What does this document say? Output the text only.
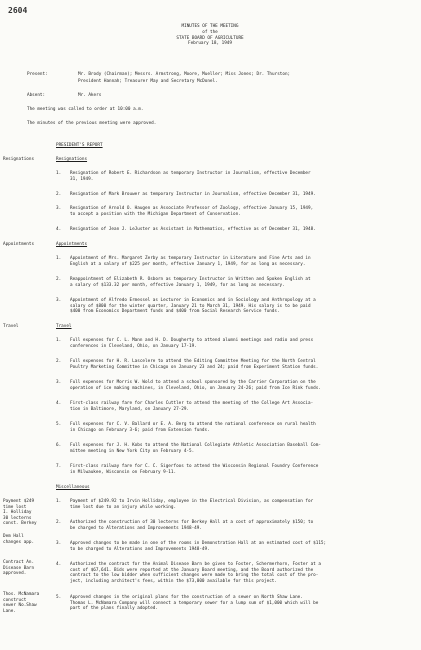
2604
MINUTES OF THE MEETING
of the
STATE BOARD OF AGRICULTURE
February 18, 1949
Present:	Mr. Brody (Chairman); Messrs. Armstrong, Moore, Mueller; Miss Jones; Dr. Thurston;
President Hannah; Treasurer May and Secretary McDonel.
Absent:	Mr. Akers
The meeting was called to order at 10:00 a.m.
The minutes of the previous meeting were approved.
PRESIDENT'S REPORT
Resignations	Resignations
1. Resignation of Robert E. Richardson as temporary Instructor in Journalism, effective December
31, 1949.
2. Resignation of Mark Brouwer as temporary Instructor in Journalism, effective December 31, 1949.
3. Resignation of Arnold O. Haugen as Associate Professor of Zoology, effective January 15, 1949,
to accept a position with the Michigan Department of Conservation.
4. Resignation of Jean J. LeJuster as Assistant in Mathematics, effective as of December 31, 1948.
Appointments	Appointments
1. Appointment of Mrs. Margaret Zerby as temporary Instructor in Literature and Fine Arts and in
English at a salary of $225 per month, effective January 1, 1949, for as long as necessary.
2. Reappointment of Elizabeth R. Osborn as temporary Instructor in Written and Spoken English at
a salary of $133.32 per month, effective January 1, 1949, for as long as necessary.
3. Appointment of Alfredo Ermessel as Lecturer in Economics and in Sociology and Anthropology at a
salary of $800 for the winter quarter, January 21 to March 31, 1949. His salary is to be paid
$400 from Economics Department funds and $400 from Social Research Service funds.
Travel	Travel
1. Full expenses for C. L. Mann and H. D. Dougherty to attend alumni meetings and radio and press
conferences in Cleveland, Ohio, on January 17-19.
2. Full expenses for H. R. Lascelere to attend the Editing Committee Meeting for the North Central
Poultry Marketing Committee in Chicago on January 23 and 24; paid from Experiment Station funds.
3. Full expenses for Morris W. Wold to attend a school sponsored by the Carrier Corporation on the
operation of ice making machines, in Cleveland, Ohio, on January 24-26; paid from Ice Rink funds.
4. First-class railway fare for Charles Cuttler to attend the meeting of the College Art Associa-
tion in Baltimore, Maryland, on January 27-29.
5. Full expenses for C. V. Ballard or E. A. Berg to attend the national conference on rural health
in Chicago on February 3-6; paid from Extension funds.
6. Full expenses for J. H. Kobs to attend the National Collegiate Athletic Association Baseball Com-
mittee meeting in New York City on February 4-5.
7. First-class railway fare for C. C. Sigerfoos to attend the Wisconsin Regional Foundry Conference
in Milwaukee, Wisconsin on February 9-11.
Miscellaneous
Payment $249
time lost
I. Holliday
30 lecterns
const. Berkey
1. Payment of $249.92 to Irvin Holliday, employee in the Electrical Division, as compensation for
time lost due to an injury while working.
2. Authorized the construction of 30 lecterns for Berkey Hall at a cost of approximately $150; to
be charged to Alterations and Improvements 1948-49.
Dem Hall
changes app.	3. Approved changes to be made in one of the rooms in Demonstration Hall at an estimated cost of $115;
to be charged to Alterations and Improvements 1948-49.
Contract An.
Disease Barn
approved.
4. Authorized the contract for the Animal Disease Barn be given to Foster, Schermerhorn, Foster at a
cost of $67,641. Bids were reported at the January Board meeting, and the Board authorized the
contract to the low bidder when sufficient changes were made to bring the total cost of the pro-
ject, including architect's fees, within the $73,000 available for this project.
Thos. McNamara
construct
sewer No.Shaw
Lane.
5. Approved changes in the original plans for the construction of a sewer on North Shaw Lane.
Thomas L. McNamara Company will connect a temporary sewer for a lump sum of $1,000 which will be
part of the plans finally adopted.
